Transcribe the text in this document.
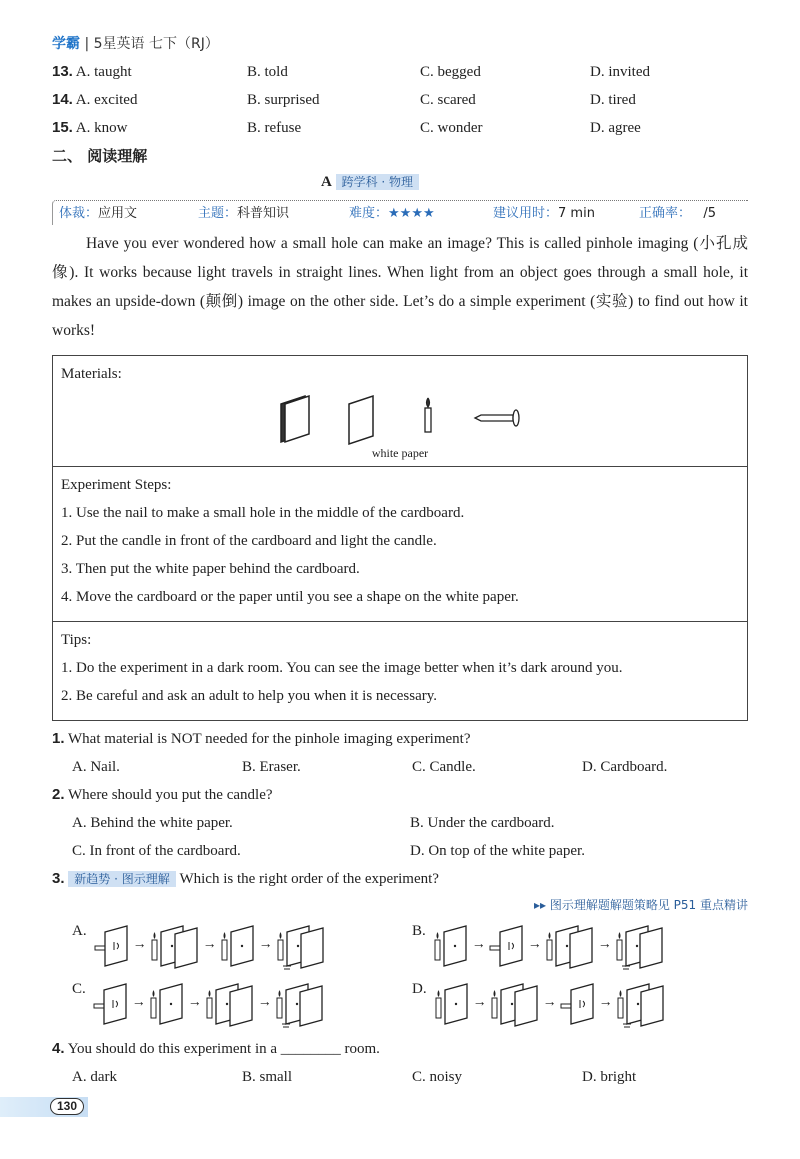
学霸 | 5星英语 七下（RJ）
13. A. taught	B. told	C. begged	D. invited
14. A. excited	B. surprised	C. scared	D. tired
15. A. know	B. refuse	C. wonder	D. agree
二、 阅读理解
A 跨学科 · 物理
体裁：应用文	主题：科普知识	难度：★★★★	建议用时：7 min	正确率： /5
Have you ever wondered how a small hole can make an image? This is called pinhole imaging (小孔成像). It works because light travels in straight lines. When light from an object goes through a small hole, it makes an upside-down (颠倒) image on the other side. Let’s do a simple experiment (实验) to find out how it works!
Materials:
white paper
Experiment Steps:
1. Use the nail to make a small hole in the middle of the cardboard.
2. Put the candle in front of the cardboard and light the candle.
3. Then put the white paper behind the cardboard.
4. Move the cardboard or the paper until you see a shape on the white paper.
Tips:
1. Do the experiment in a dark room. You can see the image better when it’s dark around you.
2. Be careful and ask an adult to help you when it is necessary.
1. What material is NOT needed for the pinhole imaging experiment?
A. Nail.	B. Eraser.	C. Candle.	D. Cardboard.
2. Where should you put the candle?
A. Behind the white paper.	B. Under the cardboard.
C. In front of the cardboard.	D. On top of the white paper.
3. 新趋势 · 图示理解 Which is the right order of the experiment?
▸▸ 图示理解题解题策略见 P51 重点精讲
A.
→	→	→
B.
→	→	→
C.
→	→	→
D.
→	→	→
4. You should do this experiment in a ________ room.
A. dark	B. small	C. noisy	D. bright
130
